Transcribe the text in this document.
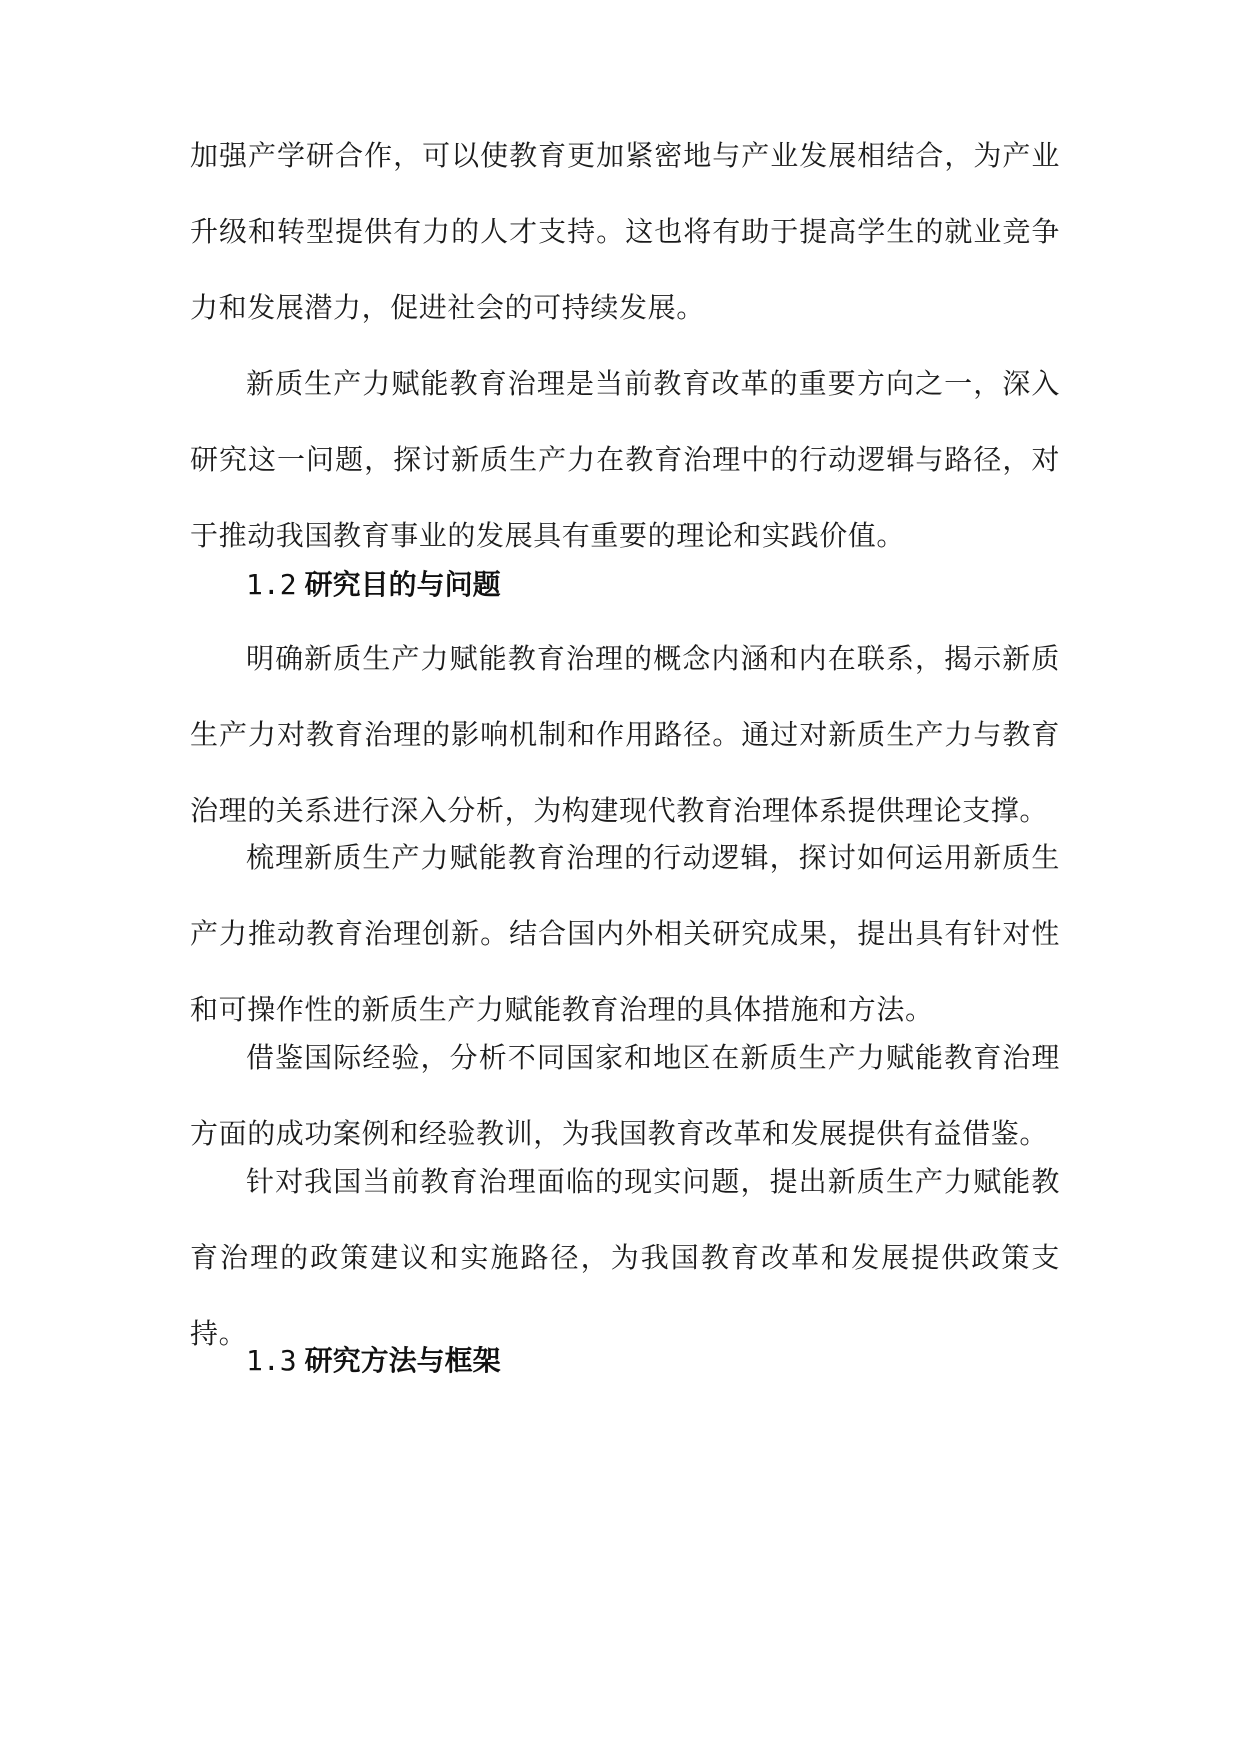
加强产学研合作，可以使教育更加紧密地与产业发展相结合，为产业升级和转型提供有力的人才支持。这也将有助于提高学生的就业竞争力和发展潜力，促进社会的可持续发展。

新质生产力赋能教育治理是当前教育改革的重要方向之一，深入研究这一问题，探讨新质生产力在教育治理中的行动逻辑与路径，对于推动我国教育事业的发展具有重要的理论和实践价值。

1.2 研究目的与问题

明确新质生产力赋能教育治理的概念内涵和内在联系，揭示新质生产力对教育治理的影响机制和作用路径。通过对新质生产力与教育治理的关系进行深入分析，为构建现代教育治理体系提供理论支撑。

梳理新质生产力赋能教育治理的行动逻辑，探讨如何运用新质生产力推动教育治理创新。结合国内外相关研究成果，提出具有针对性和可操作性的新质生产力赋能教育治理的具体措施和方法。

借鉴国际经验，分析不同国家和地区在新质生产力赋能教育治理方面的成功案例和经验教训，为我国教育改革和发展提供有益借鉴。

针对我国当前教育治理面临的现实问题，提出新质生产力赋能教育治理的政策建议和实施路径，为我国教育改革和发展提供政策支持。

1.3 研究方法与框架
